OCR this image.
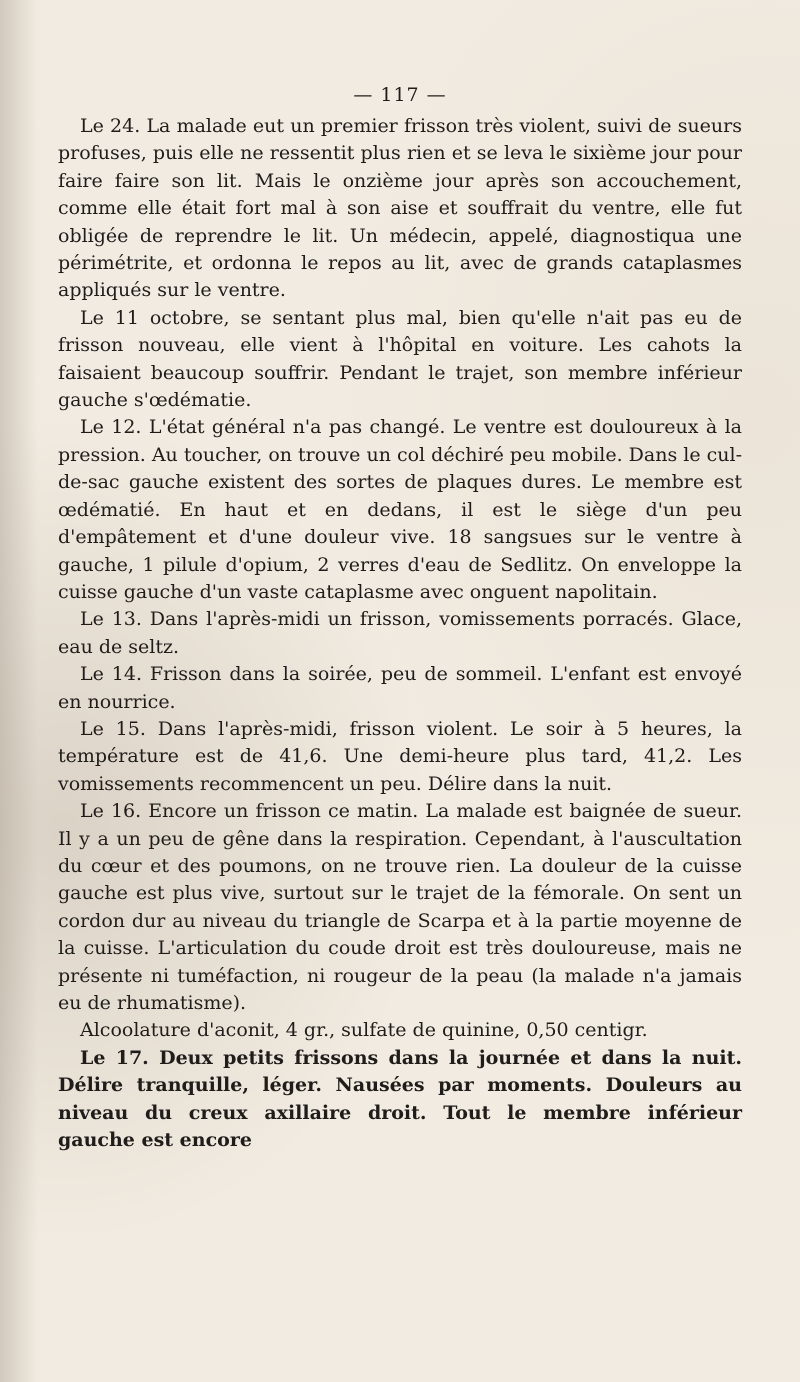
— 117 —

Le 24. La malade eut un premier frisson très violent, suivi de sueurs profuses, puis elle ne ressentit plus rien et se leva le sixième jour pour faire faire son lit. Mais le onzième jour après son accouchement, comme elle était fort mal à son aise et souffrait du ventre, elle fut obligée de reprendre le lit. Un médecin, appelé, diagnostiqua une périmétrite, et ordonna le repos au lit, avec de grands cataplasmes appliqués sur le ventre.

Le 11 octobre, se sentant plus mal, bien qu'elle n'ait pas eu de frisson nouveau, elle vient à l'hôpital en voiture. Les cahots la faisaient beaucoup souffrir. Pendant le trajet, son membre inférieur gauche s'œdématie.

Le 12. L'état général n'a pas changé. Le ventre est douloureux à la pression. Au toucher, on trouve un col déchiré peu mobile. Dans le cul-de-sac gauche existent des sortes de plaques dures. Le membre est œdématié. En haut et en dedans, il est le siège d'un peu d'empâtement et d'une douleur vive. 18 sangsues sur le ventre à gauche, 1 pilule d'opium, 2 verres d'eau de Sedlitz. On enveloppe la cuisse gauche d'un vaste cataplasme avec onguent napolitain.

Le 13. Dans l'après-midi un frisson, vomissements porracés. Glace, eau de seltz.

Le 14. Frisson dans la soirée, peu de sommeil. L'enfant est envoyé en nourrice.

Le 15. Dans l'après-midi, frisson violent. Le soir à 5 heures, la température est de 41,6. Une demi-heure plus tard, 41,2. Les vomissements recommencent un peu. Délire dans la nuit.

Le 16. Encore un frisson ce matin. La malade est baignée de sueur. Il y a un peu de gêne dans la respiration. Cependant, à l'auscultation du cœur et des poumons, on ne trouve rien. La douleur de la cuisse gauche est plus vive, surtout sur le trajet de la fémorale. On sent un cordon dur au niveau du triangle de Scarpa et à la partie moyenne de la cuisse. L'articulation du coude droit est très douloureuse, mais ne présente ni tuméfaction, ni rougeur de la peau (la malade n'a jamais eu de rhumatisme).

Alcoolature d'aconit, 4 gr., sulfate de quinine, 0,50 centigr.

Le 17. Deux petits frissons dans la journée et dans la nuit. Délire tranquille, léger. Nausées par moments. Douleurs au niveau du creux axillaire droit. Tout le membre inférieur gauche est encore
